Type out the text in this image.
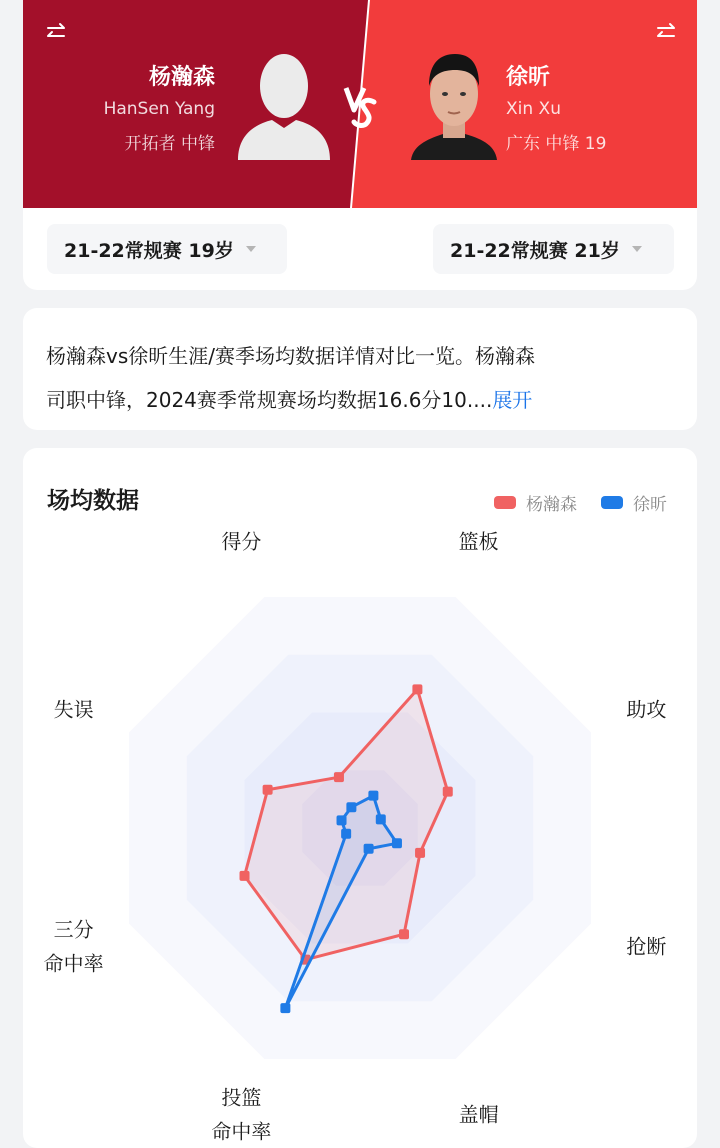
杨瀚森
HanSen Yang
开拓者 中锋
徐昕
Xin Xu
广东 中锋 19
21-22常规赛 19岁	21-22常规赛 21岁
杨瀚森vs徐昕生涯/赛季场均数据详情对比一览。杨瀚森
司职中锋，2024赛季常规赛场均数据16.6分10....展开
场均数据	杨瀚森	徐昕
得分	篮板
助攻
抢断
盖帽
投篮命中率
三分命中率
失误
